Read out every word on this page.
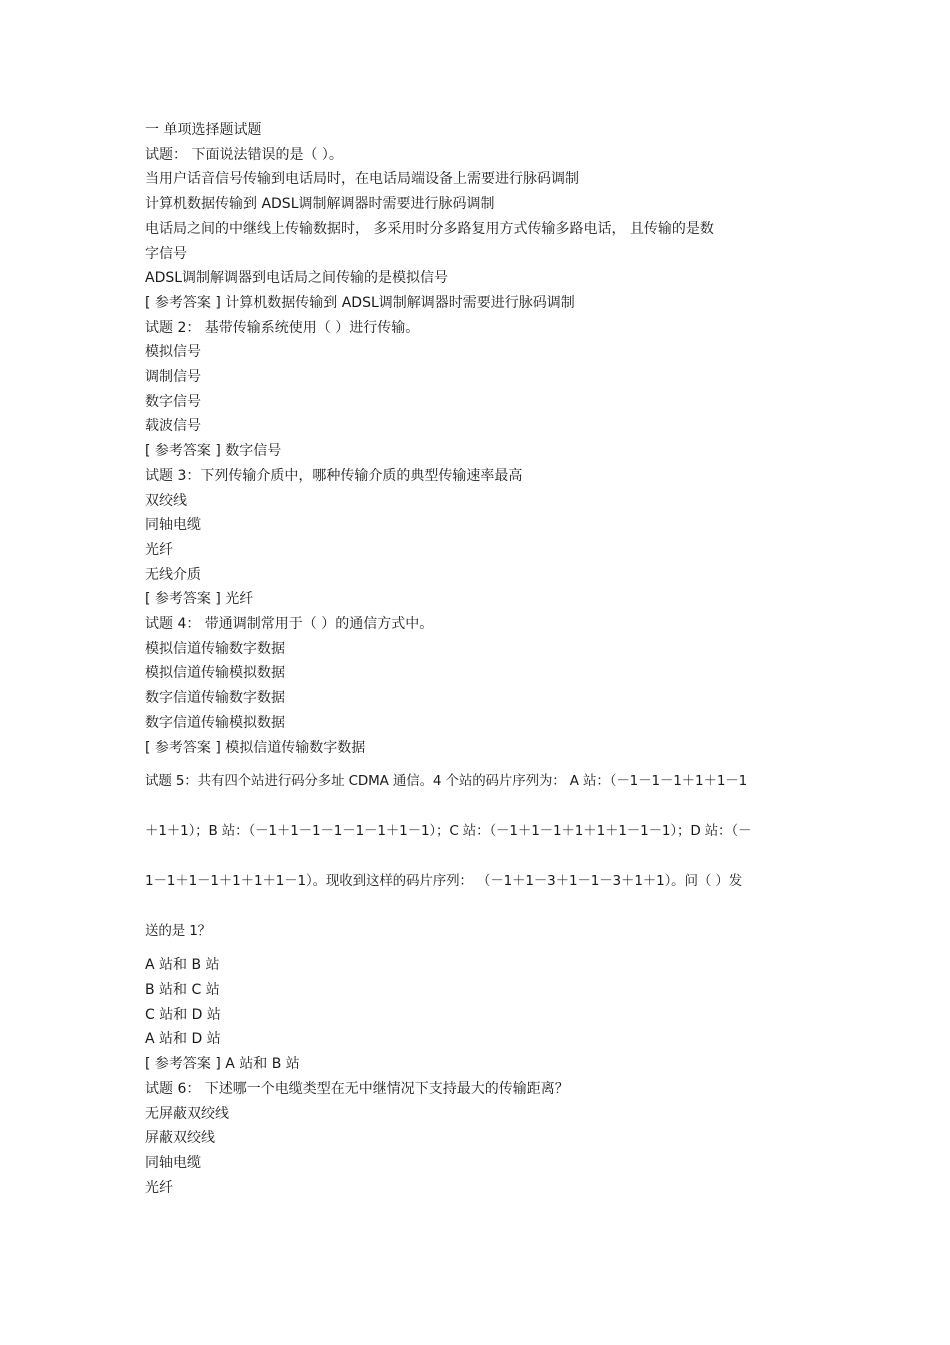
一 单项选择题试题
试题： 下面说法错误的是（ ）。
当用户话音信号传输到电话局时，在电话局端设备上需要进行脉码调制
计算机数据传输到 ADSL调制解调器时需要进行脉码调制
电话局之间的中继线上传输数据时， 多采用时分多路复用方式传输多路电话， 且传输的是数
字信号
ADSL调制解调器到电话局之间传输的是模拟信号
[ 参考答案 ] 计算机数据传输到 ADSL调制解调器时需要进行脉码调制
试题 2： 基带传输系统使用（ ）进行传输。
模拟信号
调制信号
数字信号
载波信号
[ 参考答案 ] 数字信号
试题 3：下列传输介质中，哪种传输介质的典型传输速率最高
双绞线
同轴电缆
光纤
无线介质
[ 参考答案 ] 光纤
试题 4： 带通调制常用于（ ）的通信方式中。
模拟信道传输数字数据
模拟信道传输模拟数据
数字信道传输数字数据
数字信道传输模拟数据
[ 参考答案 ] 模拟信道传输数字数据
试题 5：共有四个站进行码分多址 CDMA 通信。4 个站的码片序列为： A 站：（－1－1－1＋1＋1－1
＋1＋1）；B 站：（－1＋1－1－1－1－1＋1－1）；C 站：（－1＋1－1＋1＋1＋1－1－1）；D 站：（－
1－1＋1－1＋1＋1＋1－1）。现收到这样的码片序列： （－1＋1－3＋1－1－3＋1＋1）。问（ ）发
送的是 1？
A 站和 B 站
B 站和 C 站
C 站和 D 站
A 站和 D 站
[ 参考答案 ] A 站和 B 站
试题 6： 下述哪一个电缆类型在无中继情况下支持最大的传输距离？
无屏蔽双绞线
屏蔽双绞线
同轴电缆
光纤
